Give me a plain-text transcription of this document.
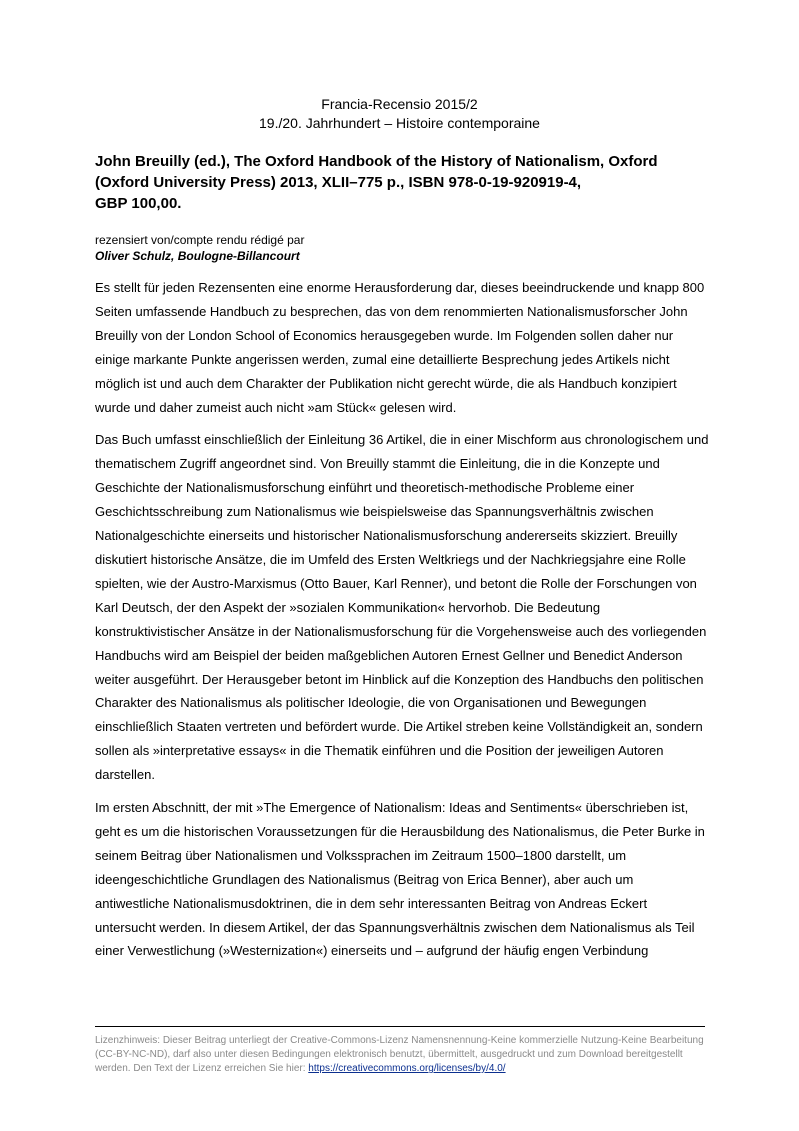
Francia-Recensio 2015/2
19./20. Jahrhundert – Histoire contemporaine
John Breuilly (ed.), The Oxford Handbook of the History of Nationalism, Oxford
(Oxford University Press) 2013, XLII–775 p., ISBN 978-0-19-920919-4,
GBP 100,00.
rezensiert von/compte rendu rédigé par
Oliver Schulz, Boulogne-Billancourt

Es stellt für jeden Rezensenten eine enorme Herausforderung dar, dieses beeindruckende und knapp 800 Seiten umfassende Handbuch zu besprechen, das von dem renommierten Nationalismusforscher John Breuilly von der London School of Economics herausgegeben wurde. Im Folgenden sollen daher nur einige markante Punkte angerissen werden, zumal eine detaillierte Besprechung jedes Artikels nicht möglich ist und auch dem Charakter der Publikation nicht gerecht würde, die als Handbuch konzipiert wurde und daher zumeist auch nicht »am Stück« gelesen wird.

Das Buch umfasst einschließlich der Einleitung 36 Artikel, die in einer Mischform aus chronologischem und thematischem Zugriff angeordnet sind. Von Breuilly stammt die Einleitung, die in die Konzepte und Geschichte der Nationalismusforschung einführt und theoretisch-methodische Probleme einer Geschichtsschreibung zum Nationalismus wie beispielsweise das Spannungsverhältnis zwischen Nationalgeschichte einerseits und historischer Nationalismusforschung andererseits skizziert. Breuilly diskutiert historische Ansätze, die im Umfeld des Ersten Weltkriegs und der Nachkriegsjahre eine Rolle spielten, wie der Austro-Marxismus (Otto Bauer, Karl Renner), und betont die Rolle der Forschungen von Karl Deutsch, der den Aspekt der »sozialen Kommunikation« hervorhob. Die Bedeutung konstruktivistischer Ansätze in der Nationalismusforschung für die Vorgehensweise auch des vorliegenden Handbuchs wird am Beispiel der beiden maßgeblichen Autoren Ernest Gellner und Benedict Anderson weiter ausgeführt. Der Herausgeber betont im Hinblick auf die Konzeption des Handbuchs den politischen Charakter des Nationalismus als politischer Ideologie, die von Organisationen und Bewegungen einschließlich Staaten vertreten und befördert wurde. Die Artikel streben keine Vollständigkeit an, sondern sollen als »interpretative essays« in die Thematik einführen und die Position der jeweiligen Autoren darstellen.

Im ersten Abschnitt, der mit »The Emergence of Nationalism: Ideas and Sentiments« überschrieben ist, geht es um die historischen Voraussetzungen für die Herausbildung des Nationalismus, die Peter Burke in seinem Beitrag über Nationalismen und Volkssprachen im Zeitraum 1500–1800 darstellt, um ideengeschichtliche Grundlagen des Nationalismus (Beitrag von Erica Benner), aber auch um antiwestliche Nationalismusdoktrinen, die in dem sehr interessanten Beitrag von Andreas Eckert untersucht werden. In diesem Artikel, der das Spannungsverhältnis zwischen dem Nationalismus als Teil einer Verwestlichung (»Westernization«) einerseits und – aufgrund der häufig engen Verbindung

Lizenzhinweis: Dieser Beitrag unterliegt der Creative-Commons-Lizenz Namensnennung-Keine kommerzielle Nutzung-Keine Bearbeitung (CC-BY-NC-ND), darf also unter diesen Bedingungen elektronisch benutzt, übermittelt, ausgedruckt und zum Download bereitgestellt werden. Den Text der Lizenz erreichen Sie hier: https://creativecommons.org/licenses/by/4.0/
